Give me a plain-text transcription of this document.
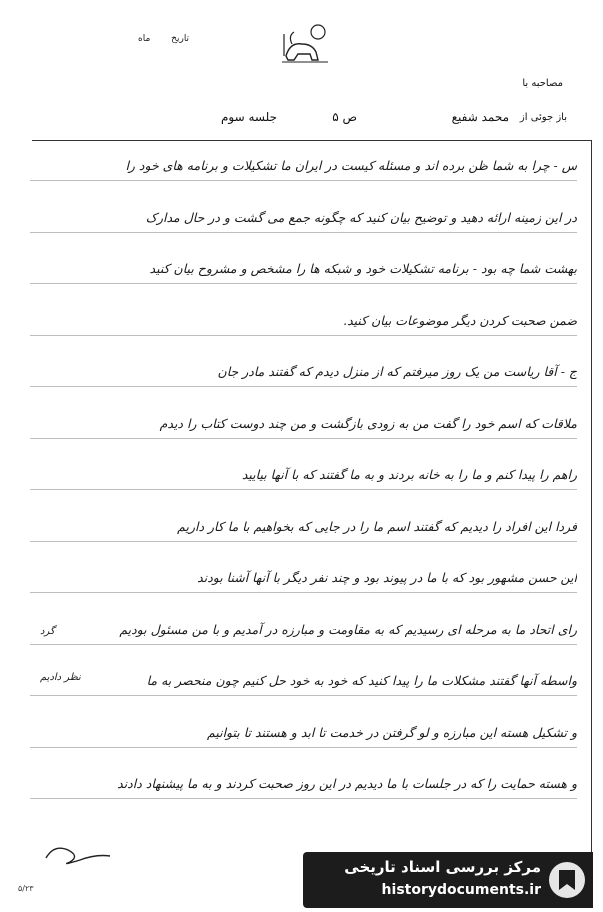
تاریخ ماه
مصاحبه با
باز جوئی از
محمد شفیع
ص ۵
جلسه سوم
س - چرا به شما ظن برده اند و مسئله کیست در ایران ما تشکیلات و برنامه های خود را
در این زمینه ارائه دهید و توضیح بیان کنید که چگونه جمع می گشت و در حال مدارک
بهشت شما چه بود - برنامه تشکیلات خود و شبکه ها را مشخص و مشروح بیان کنید
ضمن صحبت کردن دیگر موضوعات بیان کنید.
ج - آقا ریاست من یک روز میرفتم که از منزل دیدم که گفتند مادر جان
ملاقات که اسم خود را گفت من به زودی بازگشت و من چند دوست کتاب را دیدم
راهم را پیدا کنم و ما را به خانه بردند و به ما گفتند که با آنها بیایید
فردا این افراد را دیدیم که گفتند اسم ما را در جایی که بخواهیم با ما کار داریم
این حسن مشهور بود که با ما در پیوند بود و چند نفر دیگر با آنها آشنا بودند
رای اتحاد ما به مرحله ای رسیدیم که به مقاومت و مبارزه در آمدیم و با من مسئول بودیم
واسطه آنها گفتند مشکلات ما را پیدا کنید که خود به خود حل کنیم چون منحصر به ما
و تشکیل هسته این مبارزه و لو گرفتن در خدمت تا ابد و هستند تا بتوانیم
و هسته حمایت را که در جلسات با ما دیدیم در این روز صحبت کردند و به ما پیشنهاد دادند
گرد
نظر دادیم
۵/۲۳
مرکز بررسی اسناد تاریخی
historydocuments.ir
